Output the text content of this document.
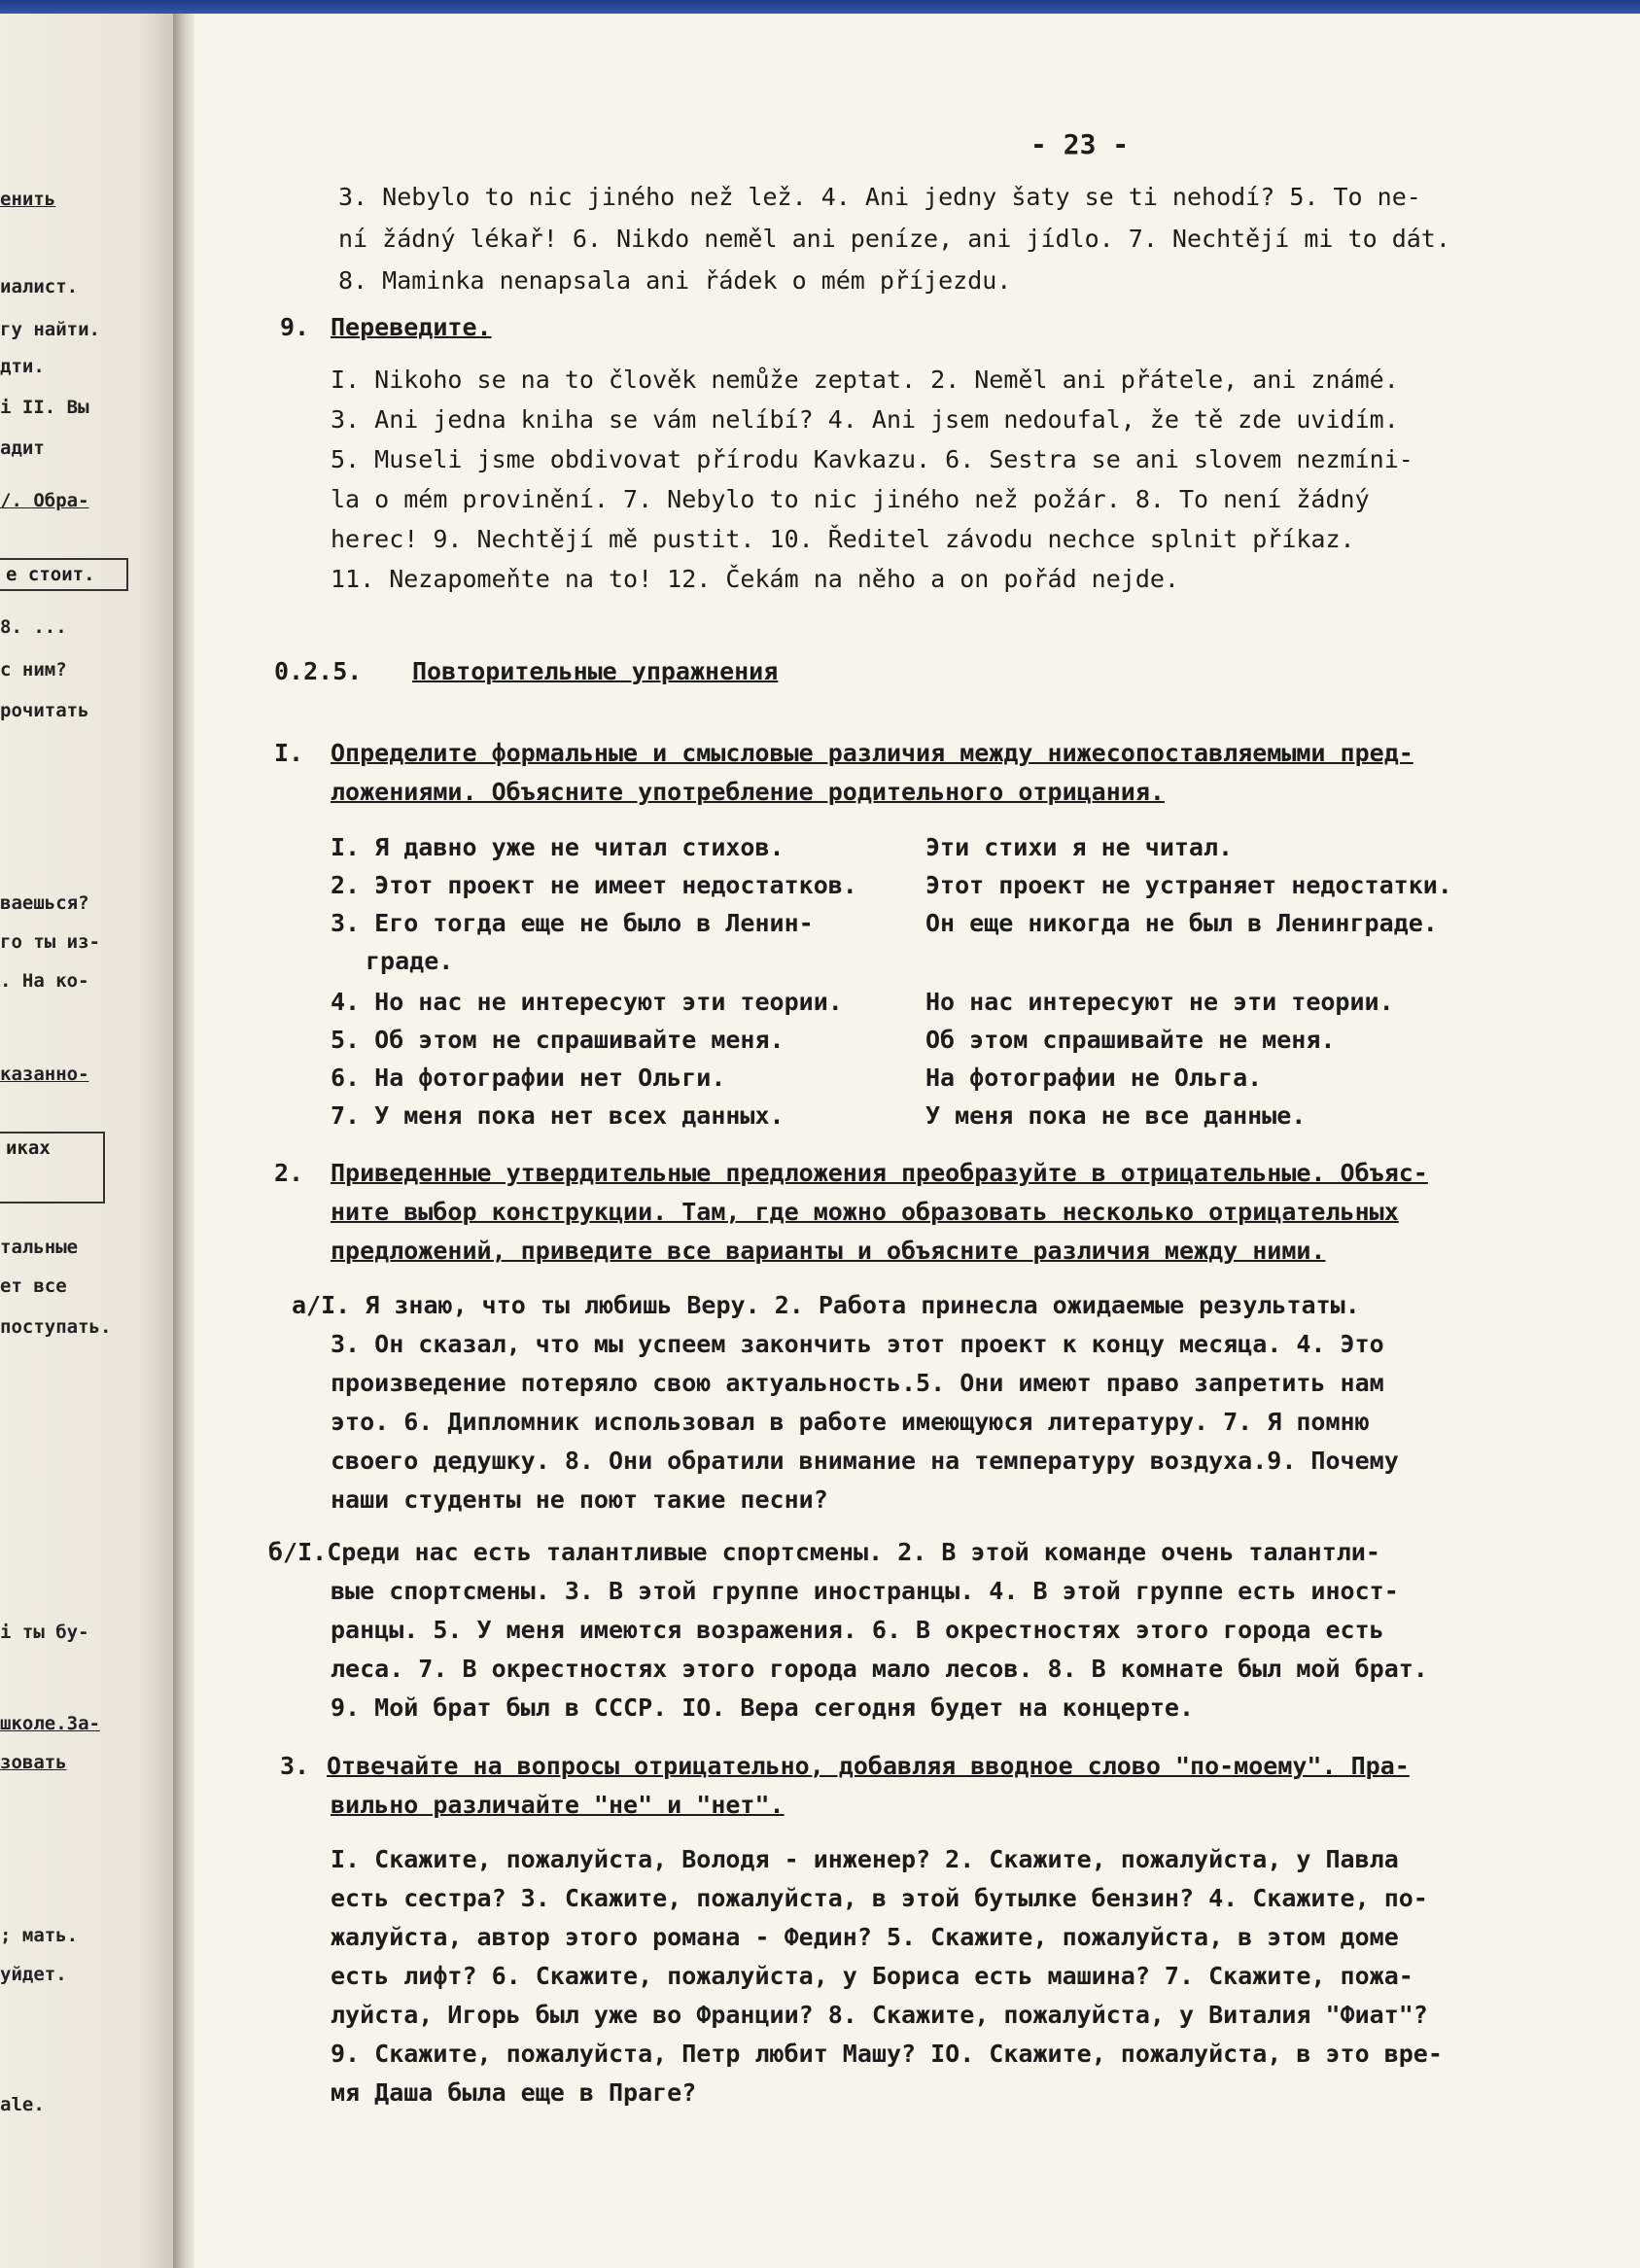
енить
иалист.
гу найти.
дти.
і II. Вы
адит
/. Обра-
е стоит.
8. ...
с ним?
рочитать
ваешься?
го ты из-
. На ко-
казанно-
иках
тальные
ет все
поступать.
і ты бу-
школе.За-
зовать
; мать.
уйдет.
ale.
- 23 -
3. Nebylo to nic jiného než lež. 4. Ani jedny šaty se ti nehodí? 5. To ne-
ní žádný lékař! 6. Nikdo neměl ani peníze, ani jídlo. 7. Nechtějí mi to dát.
8. Maminka nenapsala ani řádek o mém příjezdu.
9. Переведите.
I. Nikoho se na to člověk nemůže zeptat. 2. Neměl ani přátele, ani známé.
3. Ani jedna kniha se vám nelíbí? 4. Ani jsem nedoufal, že tě zde uvidím.
5. Museli jsme obdivovat přírodu Kavkazu. 6. Sestra se ani slovem nezmíni-
la o mém provinění. 7. Nebylo to nic jiného než požár. 8. To není žádný
herec! 9. Nechtějí mě pustit. 10. Ředitel závodu nechce splnit příkaz.
11. Nezapomeňte na to! 12. Čekám na něho a on pořád nejde.
0.2.5. Повторительные упражнения
I. Определите формальные и смысловые различия между нижесопоставляемыми пред-
ложениями. Объясните употребление родительного отрицания.
I. Я давно уже не читал стихов.	Эти стихи я не читал.
2. Этот проект не имеет недостатков.	Этот проект не устраняет недостатки.
3. Его тогда еще не было в Ленин-	Он еще никогда не был в Ленинграде.
граде.
4. Но нас не интересуют эти теории.	Но нас интересуют не эти теории.
5. Об этом не спрашивайте меня.	Об этом спрашивайте не меня.
6. На фотографии нет Ольги.	На фотографии не Ольга.
7. У меня пока нет всех данных.	У меня пока не все данные.
2. Приведенные утвердительные предложения преобразуйте в отрицательные. Объяс-
ните выбор конструкции. Там, где можно образовать несколько отрицательных
предложений, приведите все варианты и объясните различия между ними.
а/І. Я знаю, что ты любишь Веру. 2. Работа принесла ожидаемые результаты.
3. Он сказал, что мы успеем закончить этот проект к концу месяца. 4. Это
произведение потеряло свою актуальность.5. Они имеют право запретить нам
это. 6. Дипломник использовал в работе имеющуюся литературу. 7. Я помню
своего дедушку. 8. Они обратили внимание на температуру воздуха.9. Почему
наши студенты не поют такие песни?
б/І.Среди нас есть талантливые спортсмены. 2. В этой команде очень талантли-
вые спортсмены. 3. В этой группе иностранцы. 4. В этой группе есть иност-
ранцы. 5. У меня имеются возражения. 6. В окрестностях этого города есть
леса. 7. В окрестностях этого города мало лесов. 8. В комнате был мой брат.
9. Мой брат был в СССР. IO. Вера сегодня будет на концерте.
3. Отвечайте на вопросы отрицательно, добавляя вводное слово "по-моему". Пра-
вильно различайте "не" и "нет".
I. Скажите, пожалуйста, Володя - инженер? 2. Скажите, пожалуйста, у Павла
есть сестра? 3. Скажите, пожалуйста, в этой бутылке бензин? 4. Скажите, по-
жалуйста, автор этого романа - Федин? 5. Скажите, пожалуйста, в этом доме
есть лифт? 6. Скажите, пожалуйста, у Бориса есть машина? 7. Скажите, пожа-
луйста, Игорь был уже во Франции? 8. Скажите, пожалуйста, у Виталия "Фиат"?
9. Скажите, пожалуйста, Петр любит Машу? IO. Скажите, пожалуйста, в это вре-
мя Даша была еще в Праге?
